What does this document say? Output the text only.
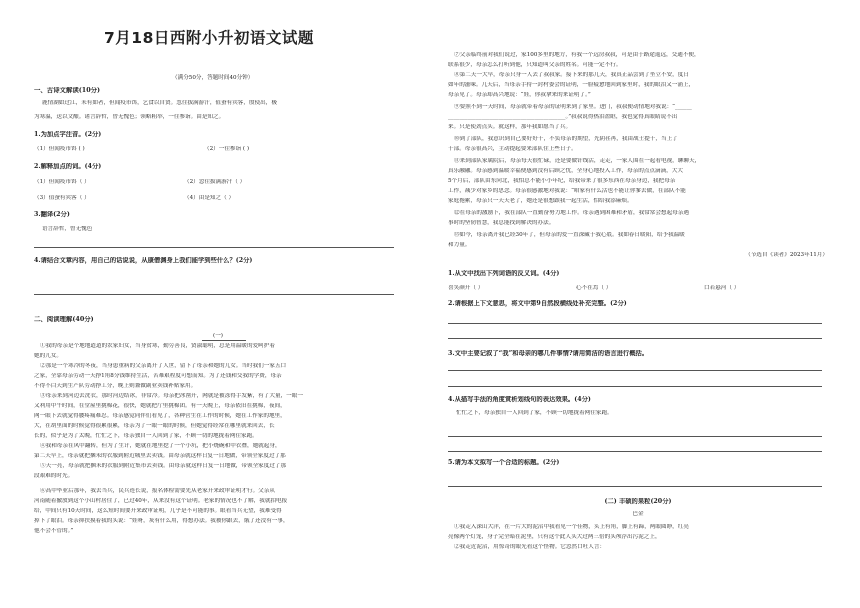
7月18日西附小升初语文试题
（满分50分，答题时间40分钟）
一、古诗文解读(10分)
鹿情湖如过江，未有如者，但闻疫市饵，乞食以自贤。忽往拔满游汁，值蚕有宾客，殷使出，极
为寒温，送以文酿。诸言辞哲，曾无愧色；领略粗举，一往参诣。由是知之。
1.为加点字注音。(2分)
（1）但闻疫市饵 ( )	（2）一往参诣 ( )
2.解释加点的词。(4分)
（1）但闻疫市饵（ ）	（2）忽往拔满游汁（ ）
（3）值蚕有宾客（ ）	（4）由是知之（ ）
3.翻译(2分)
语言辞哲，曾无愧色
4.请结合文章内容，用自己的话说说，从康僧渊身上我们能学到些什么？(2分)
二、阅读理解(40分)
(一)
①我的母亲是个地地道道的农家妇女，当身贫寒，勤劳善良，贤淑聪明，总是用温暖的爱呵护着
她的儿女。
②那是一个寒冷的冬夜，当身患重病的父亲离开了人世，留下了母亲和她的儿女。当时我们一家五口
之家，全靠母亲劳动一天挣1角8分钱维持生活，苦难艰程度可想而知。为了还钱和交我的学费，母亲
不得不白天到生产队劳动挣工分，晚上则兼做副业卖钱补贴家用。
③母亲来到河边去洗衣，那时河边结冰，非常冷。母亲把冰凿开，网就是被冻得手发紫，有了大量，一眼一
又利用中午时间，在堂屋里挑棉花，很快，她就把厅里挑棉团。有一天晚上，母亲依旧在挑棉，夜间，
网一眼下去就觉得腰疼痛难忍。母亲感觉同伴们看见了，各种营生在工作的时候，她在工作家的地里，
大，在胡里面的时候觉得很累很累，母亲为了一眼一眼的时候，但她觉得经常在哪里就来回去，长
长的，似乎是为了太晚，忙忙之下，母亲独自一人回到了家，不顾一切的地拢着网往家跑。
④我和母亲在风中翻转，但为了生计，她就在地里挖了一个小坑，把小烧碗和中衣叠，她就起身，
第二天早上，母亲就把捆未的衣服到附近城里去卖钱。由母亲就这样日复一日地做，带领全家度过了那
⑤天一亮，母亲就把捆未的衣服到附近集市去卖钱。由母亲就这样日复一日地做，带领全家度过了那
段艰难的时光。
⑥高中毕业后那年，我去当兵，民兵连长说，报名体检需要先从老家开来政审证明才行。父亲从
河南随着撤放到这个小山村居住了，已过40年，从来没有这个证明。老家的情况也不了解，我就拍电报
给，中间只有10天时间，这么短时间要开来政审证明，几乎是不可能的事。眼看当兵无望，我难受得
掉下了眼泪。母亲抑扶摸着我的头说：“娃呀，灰有什么用，得想办法。我被你跟去，饿了还没有一事，
他不会不管的。”
⑦父亲临终前对我们说过，家100多里的地方，有我一个远房叔叔，可是由于路途遥远，交通不便，
联系很少，母亲怎么打听到他，只知道叫父亲的姓名。可能一定不行。
⑧第二天一大早，母亲只身一人去了叔叔家。接下来的那几天，我真正品尝到了坐立不安，度日
如年的滋味。几天后，当母亲手持一封村委会的证明，一脸疲惫地回到家里时，我的眼泪又一涌上，
母亲见了。母亲却高兴地说：“娃，你叔拿来的来证明了。”
⑨要照不到一天时间，母亲就带着母亲的证明来到了家里。进门，叔叔便动情地对我说：“______
__________________________________________。”叔叔说得热泪盈眶，我也觉得真眼睛说不出
来。只是使劲点头。就这样，那年我如愿当了兵。
⑩到了部队，我意识到自己要好好干，不负母亲的期望，光阴荏苒，我由战士提干，当上了
干部。母亲很高兴，主动提起要来部队住上些日子。
⑪来到部队家属院后，母亲每天很忙碌，还是要做针线活，走走，一家人围在一起看电视，聊聊天，
真乐融融。母亲感到温暖幸福便感到没有后顾之忧，全身心地投入工作，母亲的点点滴滴，大大
5个月后，部队由东向北，我怕总不能小小年纪，给我带来了很多东西在母亲身边，我把母亲
工作，减少对家乡的思念。母亲很感激地对我说：“咱家有什么活也不能让你爹去做，在部队不能
家庭拖累，母亲只一天天老了，她还是很想跟我一起生活，怕给我添麻烦。
⑫在母亲的激励下，我在部队一直勤奋努力地工作。母亲遇到困难和矛盾，我常常会想起母亲遇
事时的坚韧智慧，我总能找到解决的办法。
⑬如今，母亲离开我已经30年了，但母亲的爱一直深藏于我心底。我如春日暖阳，给予我温暖
和力量。
（节选自《读者》2023年11月）
1.从文中找出下列词语的反义词。(4分)
喜笑颜开（ ）	心不在焉（ ）	口若悬河（ ）
2.请根据上下文意思，将文中第9自然段横线处补充完整。(2分)
3.文中主要记叙了“我”和母亲的哪几件事情?请用简洁的语言进行概括。
4.从描写手法的角度赏析划线句的表达效果。(4分)
忙忙之下，母亲独自一人回到了家，不顾一切地拢着网往家跑。
5.请为本文拟写一个合适的标题。(2分)
(二) 丰硕的果粒(20分)
巴金
①我走入深山大洋，在一片大的泥沼中我看见一个佳物，头上有角，脚上有蹄，两眼圆睁，红亮
亮像两个灯笼，身子完全暗在泥里，只有这个此人头大过两三倍的头颅浮出污泥之上，
②我走近泥沼，用惊奇的眼光看这个怪物。它忽然口吐人言：
